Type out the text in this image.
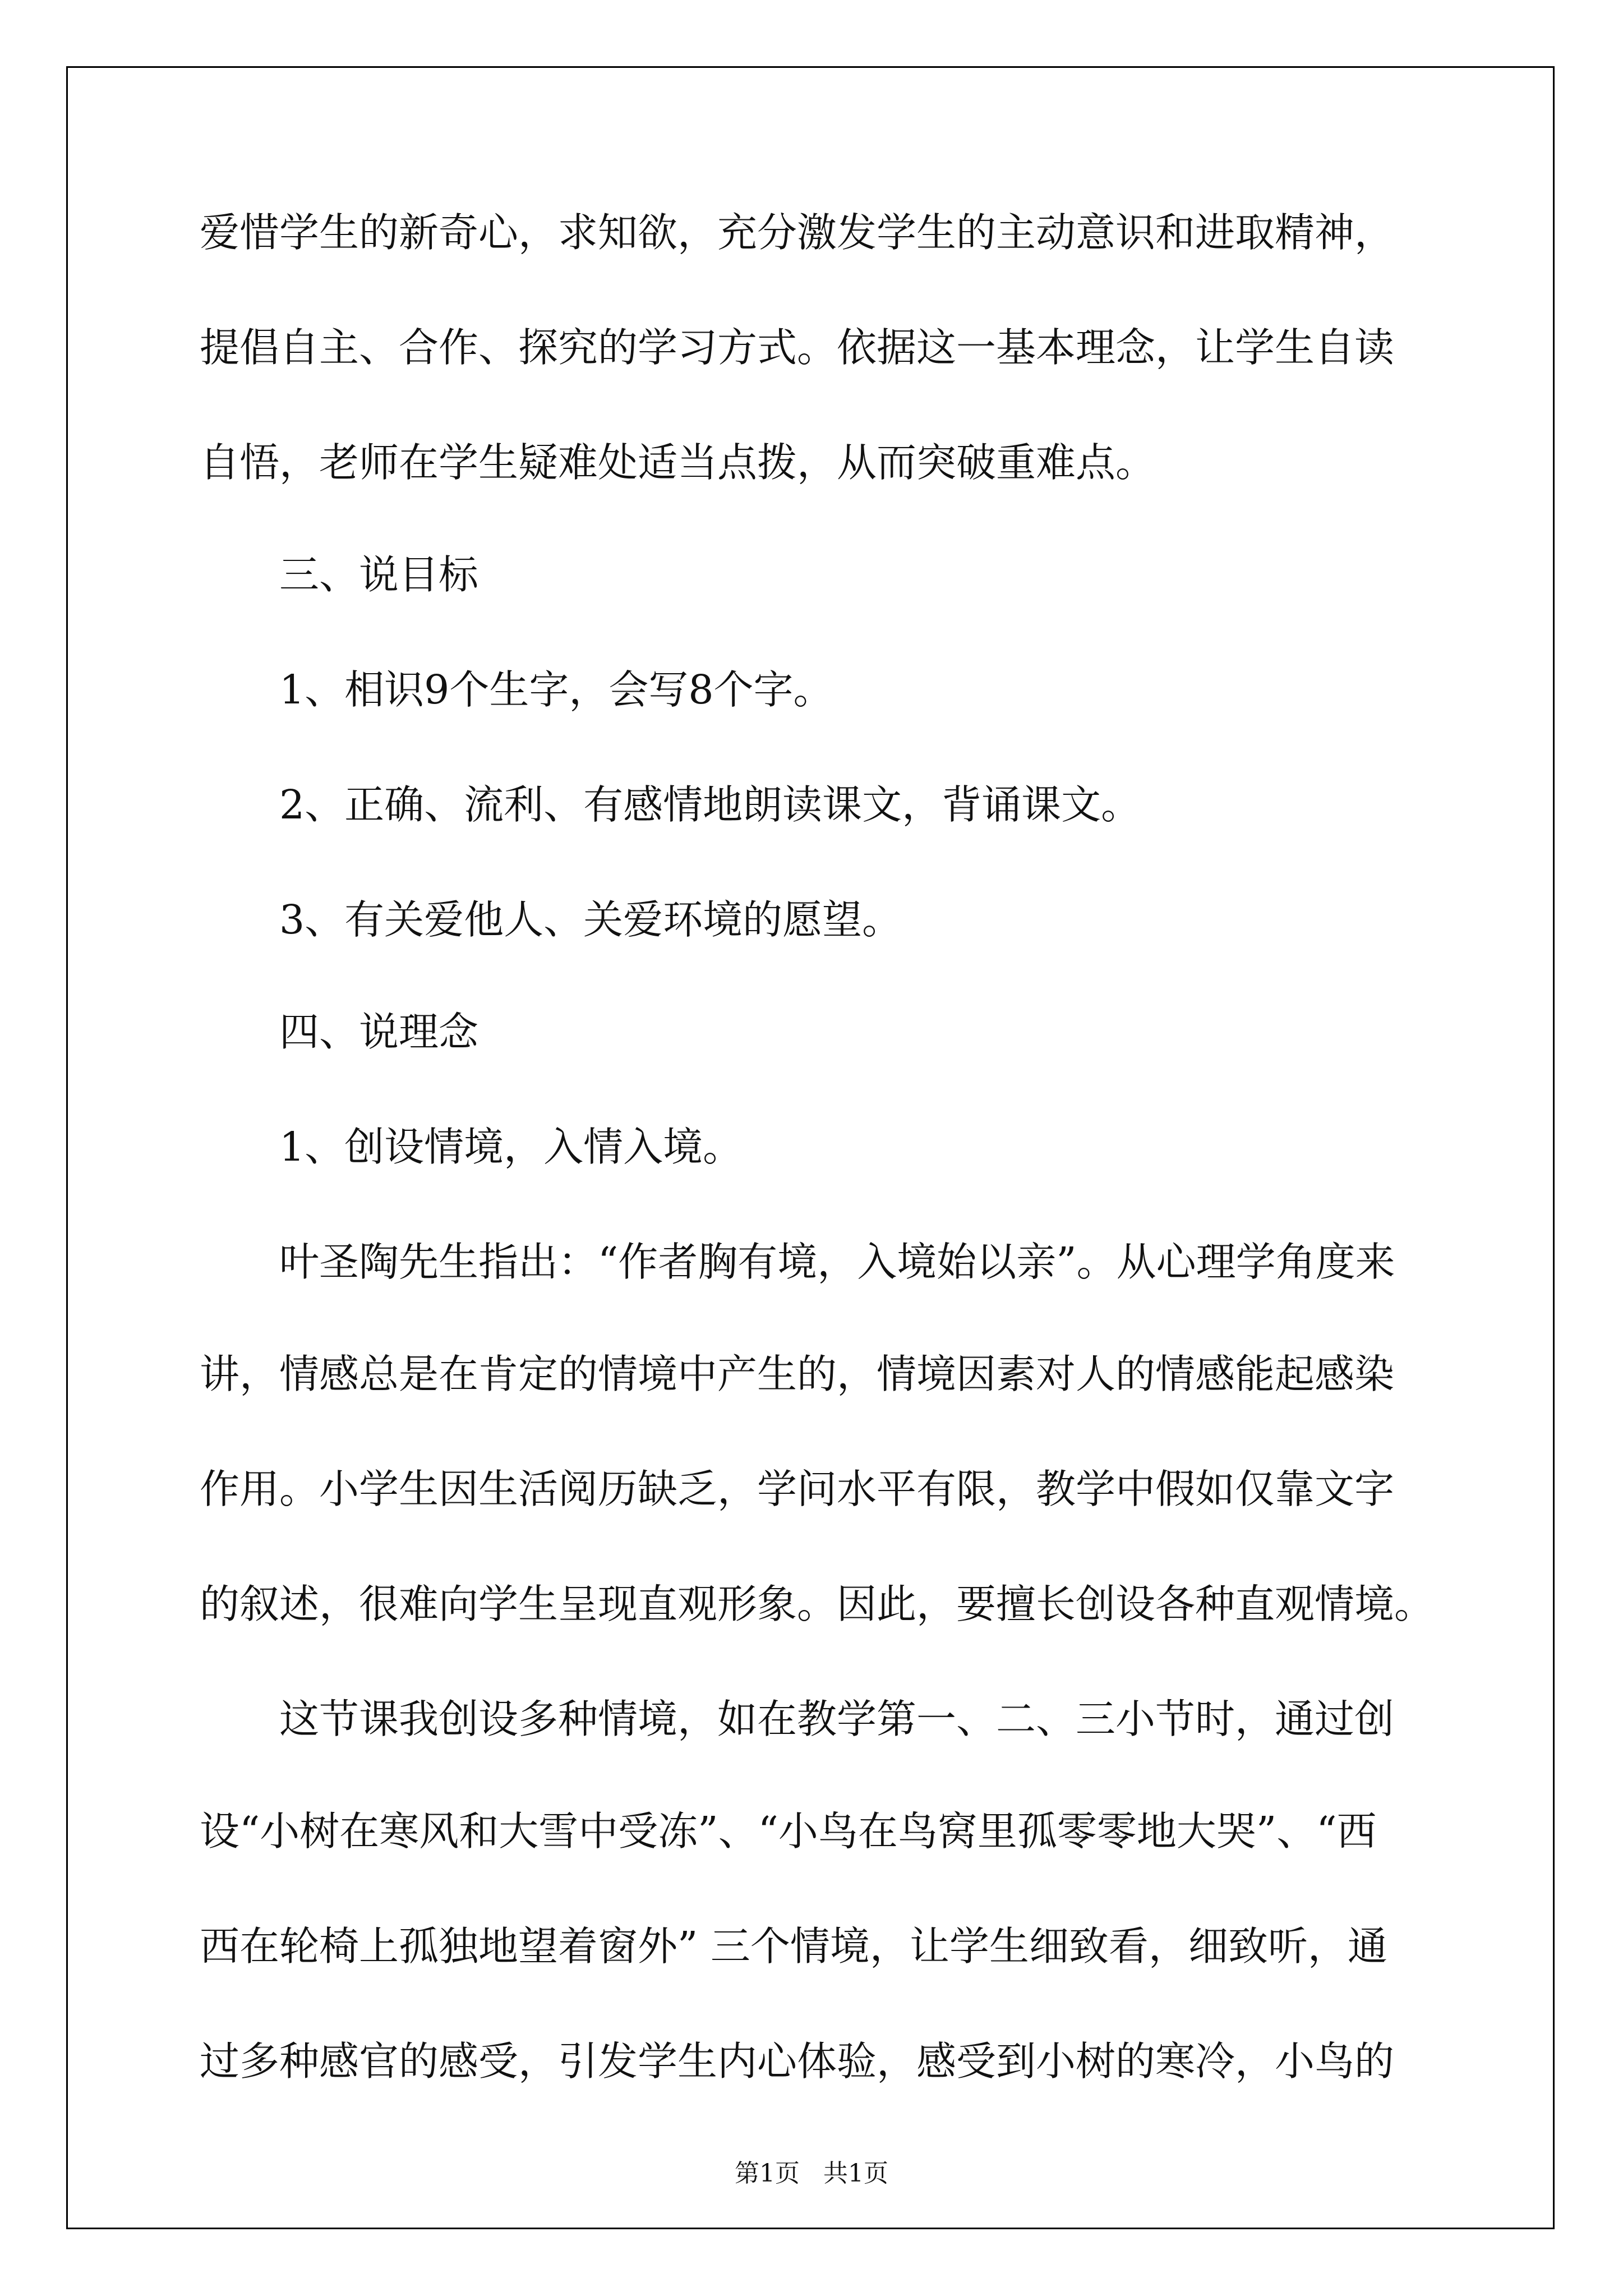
爱惜学生的新奇心，求知欲，充分激发学生的主动意识和进取精神，

提倡自主、合作、探究的学习方式。依据这一基本理念，让学生自读

自悟，老师在学生疑难处适当点拨，从而突破重难点。

三、说目标

1、相识9个生字，会写8个字。

2、正确、流利、有感情地朗读课文，背诵课文。

3、有关爱他人、关爱环境的愿望。

四、说理念

1、创设情境，入情入境。

叶圣陶先生指出：“作者胸有境，入境始以亲”。从心理学角度来

讲，情感总是在肯定的情境中产生的，情境因素对人的情感能起感染

作用。小学生因生活阅历缺乏，学问水平有限，教学中假如仅靠文字

的叙述，很难向学生呈现直观形象。因此，要擅长创设各种直观情境。

这节课我创设多种情境，如在教学第一、二、三小节时，通过创

设“小树在寒风和大雪中受冻”、“小鸟在鸟窝里孤零零地大哭”、“西

西在轮椅上孤独地望着窗外” 三个情境，让学生细致看，细致听，通

过多种感官的感受，引发学生内心体验，感受到小树的寒冷，小鸟的

第1页   共1页
